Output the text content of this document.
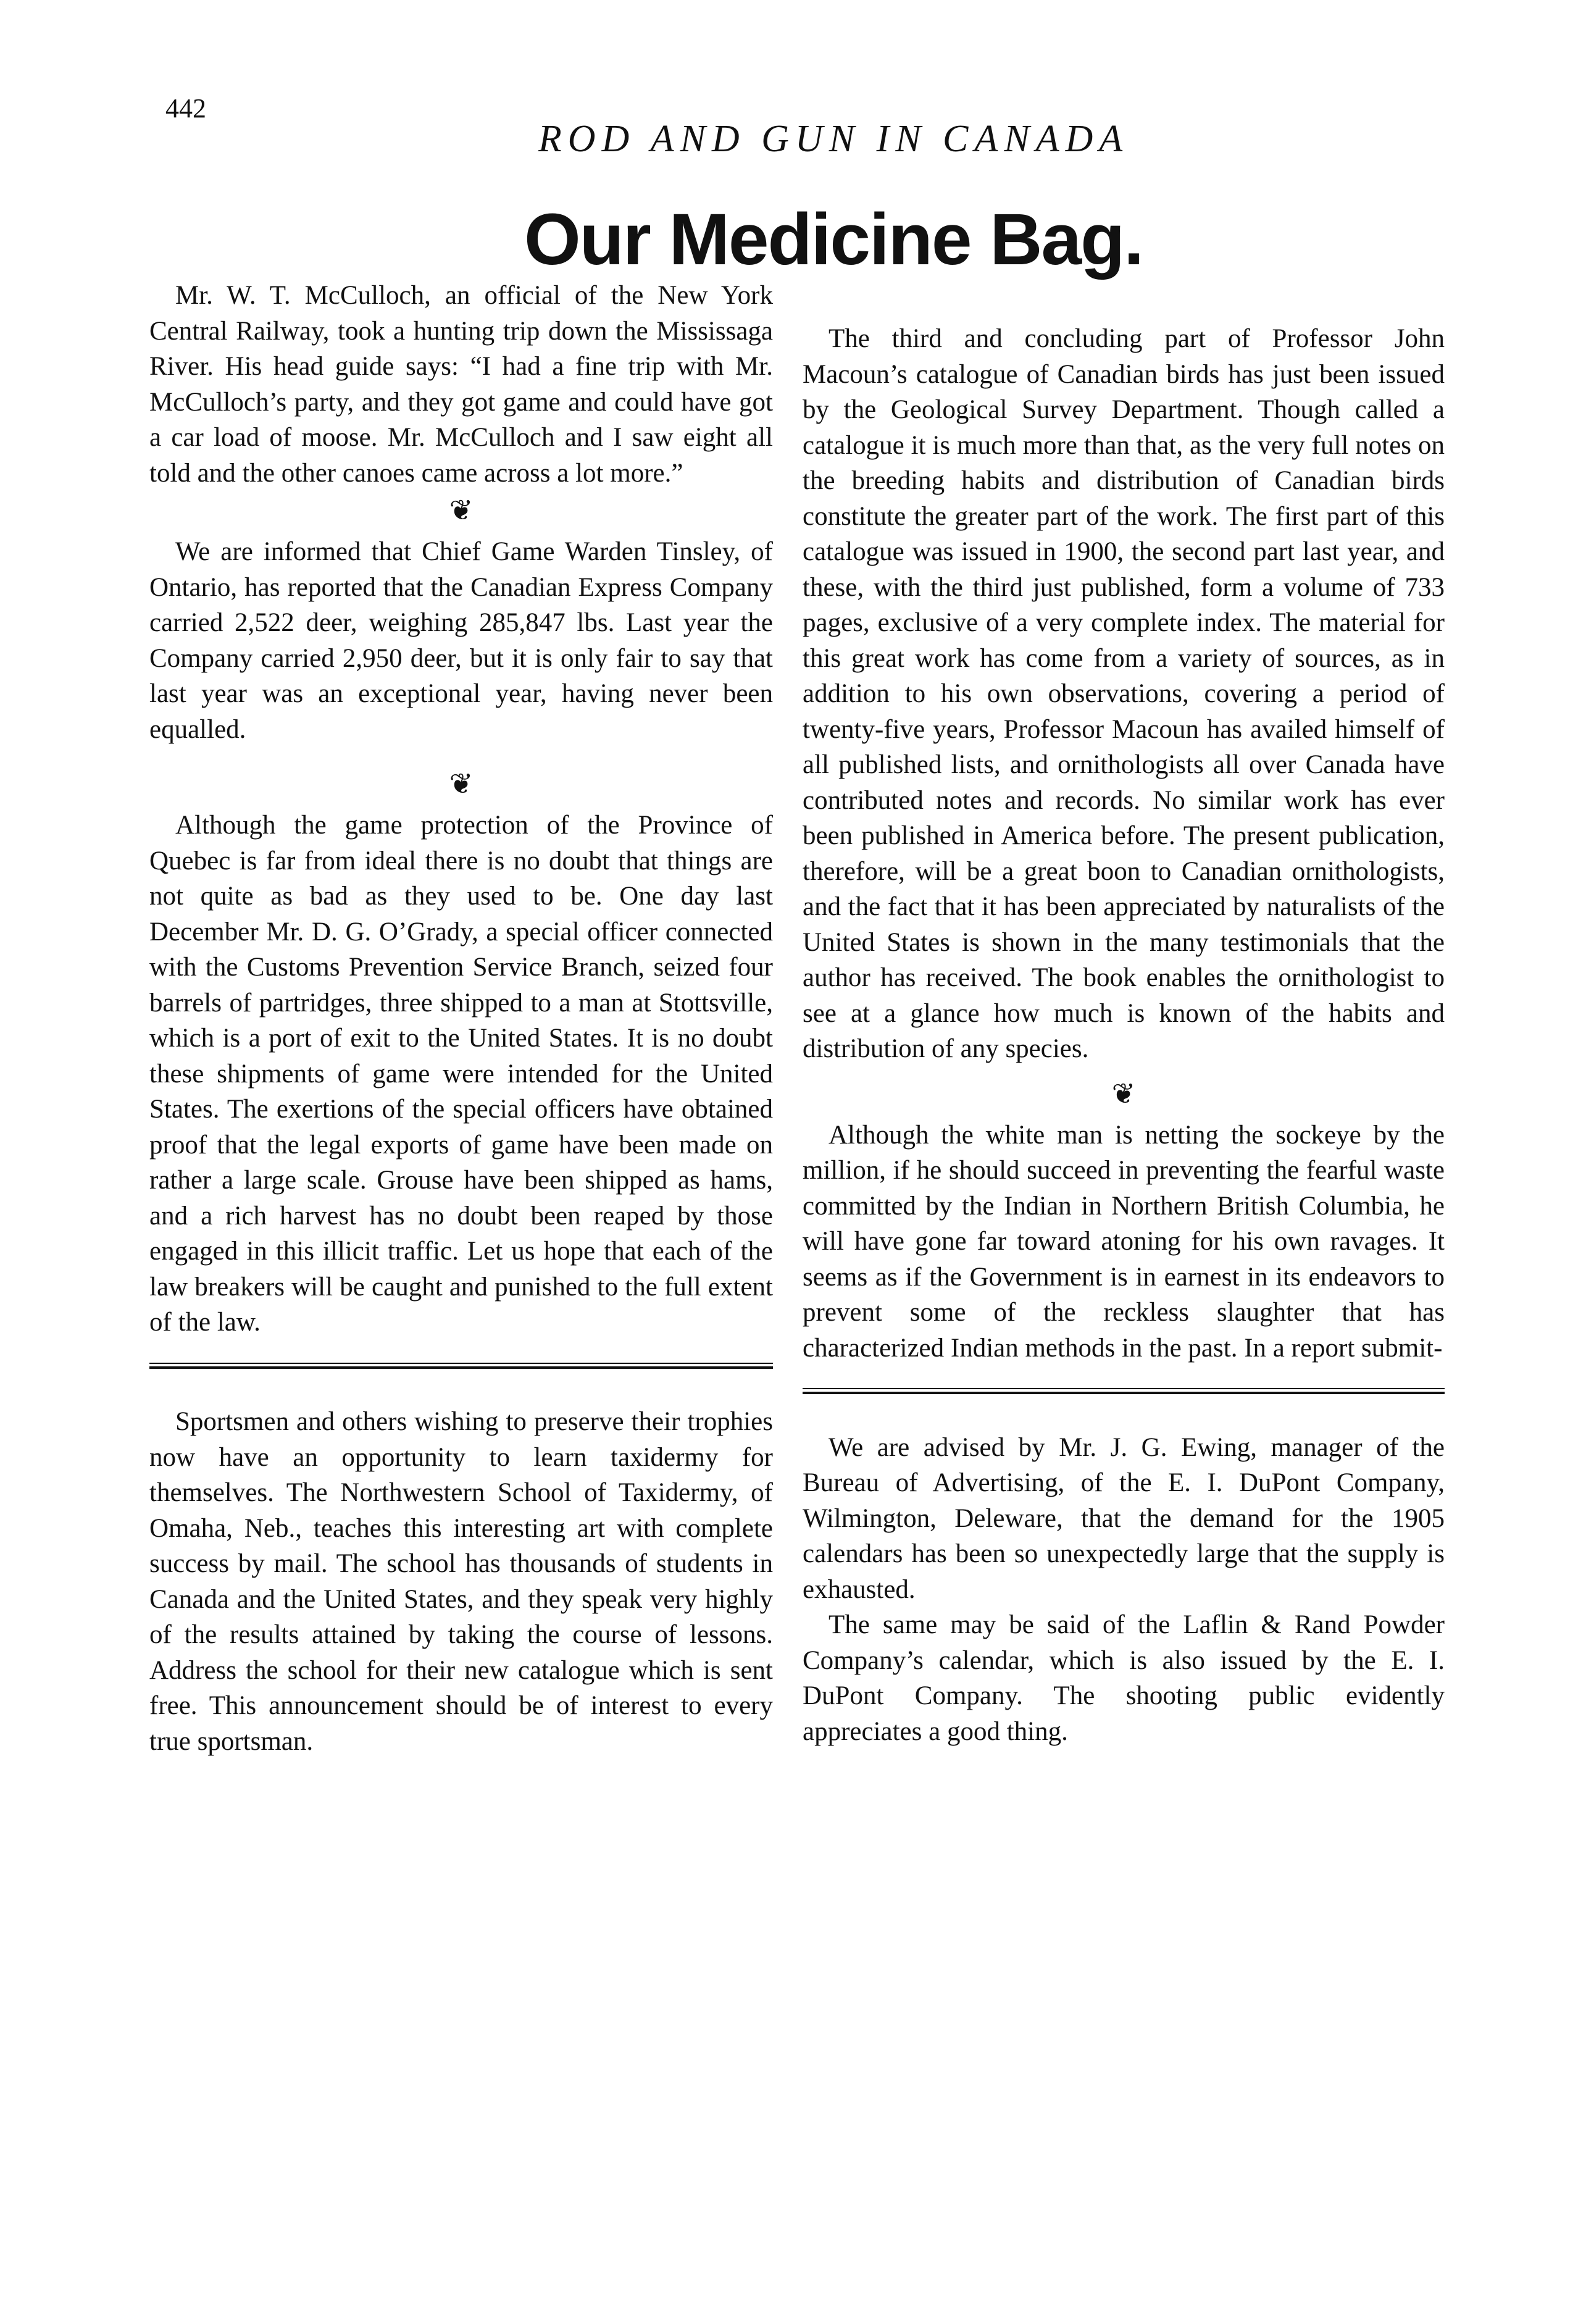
442
ROD AND GUN IN CANADA
Our Medicine Bag.

Mr. W. T. McCulloch, an official of the New York Central Railway, took a hunting trip down the Mississaga River. His head guide says: “I had a fine trip with Mr. McCulloch’s party, and they got game and could have got a car load of moose. Mr. McCulloch and I saw eight all told and the other canoes came across a lot more.”

❦

We are informed that Chief Game Warden Tinsley, of Ontario, has reported that the Canadian Express Company carried 2,522 deer, weighing 285,847 lbs. Last year the Company carried 2,950 deer, but it is only fair to say that last year was an exceptional year, having never been equalled.

❦

Although the game protection of the Province of Quebec is far from ideal there is no doubt that things are not quite as bad as they used to be. One day last December Mr. D. G. O’Grady, a special officer connected with the Customs Prevention Service Branch, seized four barrels of partridges, three shipped to a man at Stottsville, which is a port of exit to the United States. It is no doubt these shipments of game were intended for the United States. The exertions of the special officers have obtained proof that the legal exports of game have been made on rather a large scale. Grouse have been shipped as hams, and a rich harvest has no doubt been reaped by those engaged in this illicit traffic. Let us hope that each of the law breakers will be caught and punished to the full extent of the law.

Sportsmen and others wishing to preserve their trophies now have an opportunity to learn taxidermy for themselves. The Northwestern School of Taxidermy, of Omaha, Neb., teaches this interesting art with complete success by mail. The school has thousands of students in Canada and the United States, and they speak very highly of the results attained by taking the course of lessons. Address the school for their new catalogue which is sent free. This announcement should be of interest to every true sportsman.

The third and concluding part of Professor John Macoun’s catalogue of Canadian birds has just been issued by the Geological Survey Department. Though called a catalogue it is much more than that, as the very full notes on the breeding habits and distribution of Canadian birds constitute the greater part of the work. The first part of this catalogue was issued in 1900, the second part last year, and these, with the third just published, form a volume of 733 pages, exclusive of a very complete index. The material for this great work has come from a variety of sources, as in addition to his own observations, covering a period of twenty-five years, Professor Macoun has availed himself of all published lists, and ornithologists all over Canada have contributed notes and records. No similar work has ever been published in America before. The present publication, therefore, will be a great boon to Canadian ornithologists, and the fact that it has been appreciated by naturalists of the United States is shown in the many testimonials that the author has received. The book enables the ornithologist to see at a glance how much is known of the habits and distribution of any species.

❦

Although the white man is netting the sockeye by the million, if he should succeed in preventing the fearful waste committed by the Indian in Northern British Columbia, he will have gone far toward atoning for his own ravages. It seems as if the Government is in earnest in its endeavors to prevent some of the reckless slaughter that has characterized Indian methods in the past. In a report submit-

We are advised by Mr. J. G. Ewing, manager of the Bureau of Advertising, of the E. I. DuPont Company, Wilmington, Deleware, that the demand for the 1905 calendars has been so unexpectedly large that the supply is exhausted.

The same may be said of the Laflin & Rand Powder Company’s calendar, which is also issued by the E. I. DuPont Company. The shooting public evidently appreciates a good thing.
